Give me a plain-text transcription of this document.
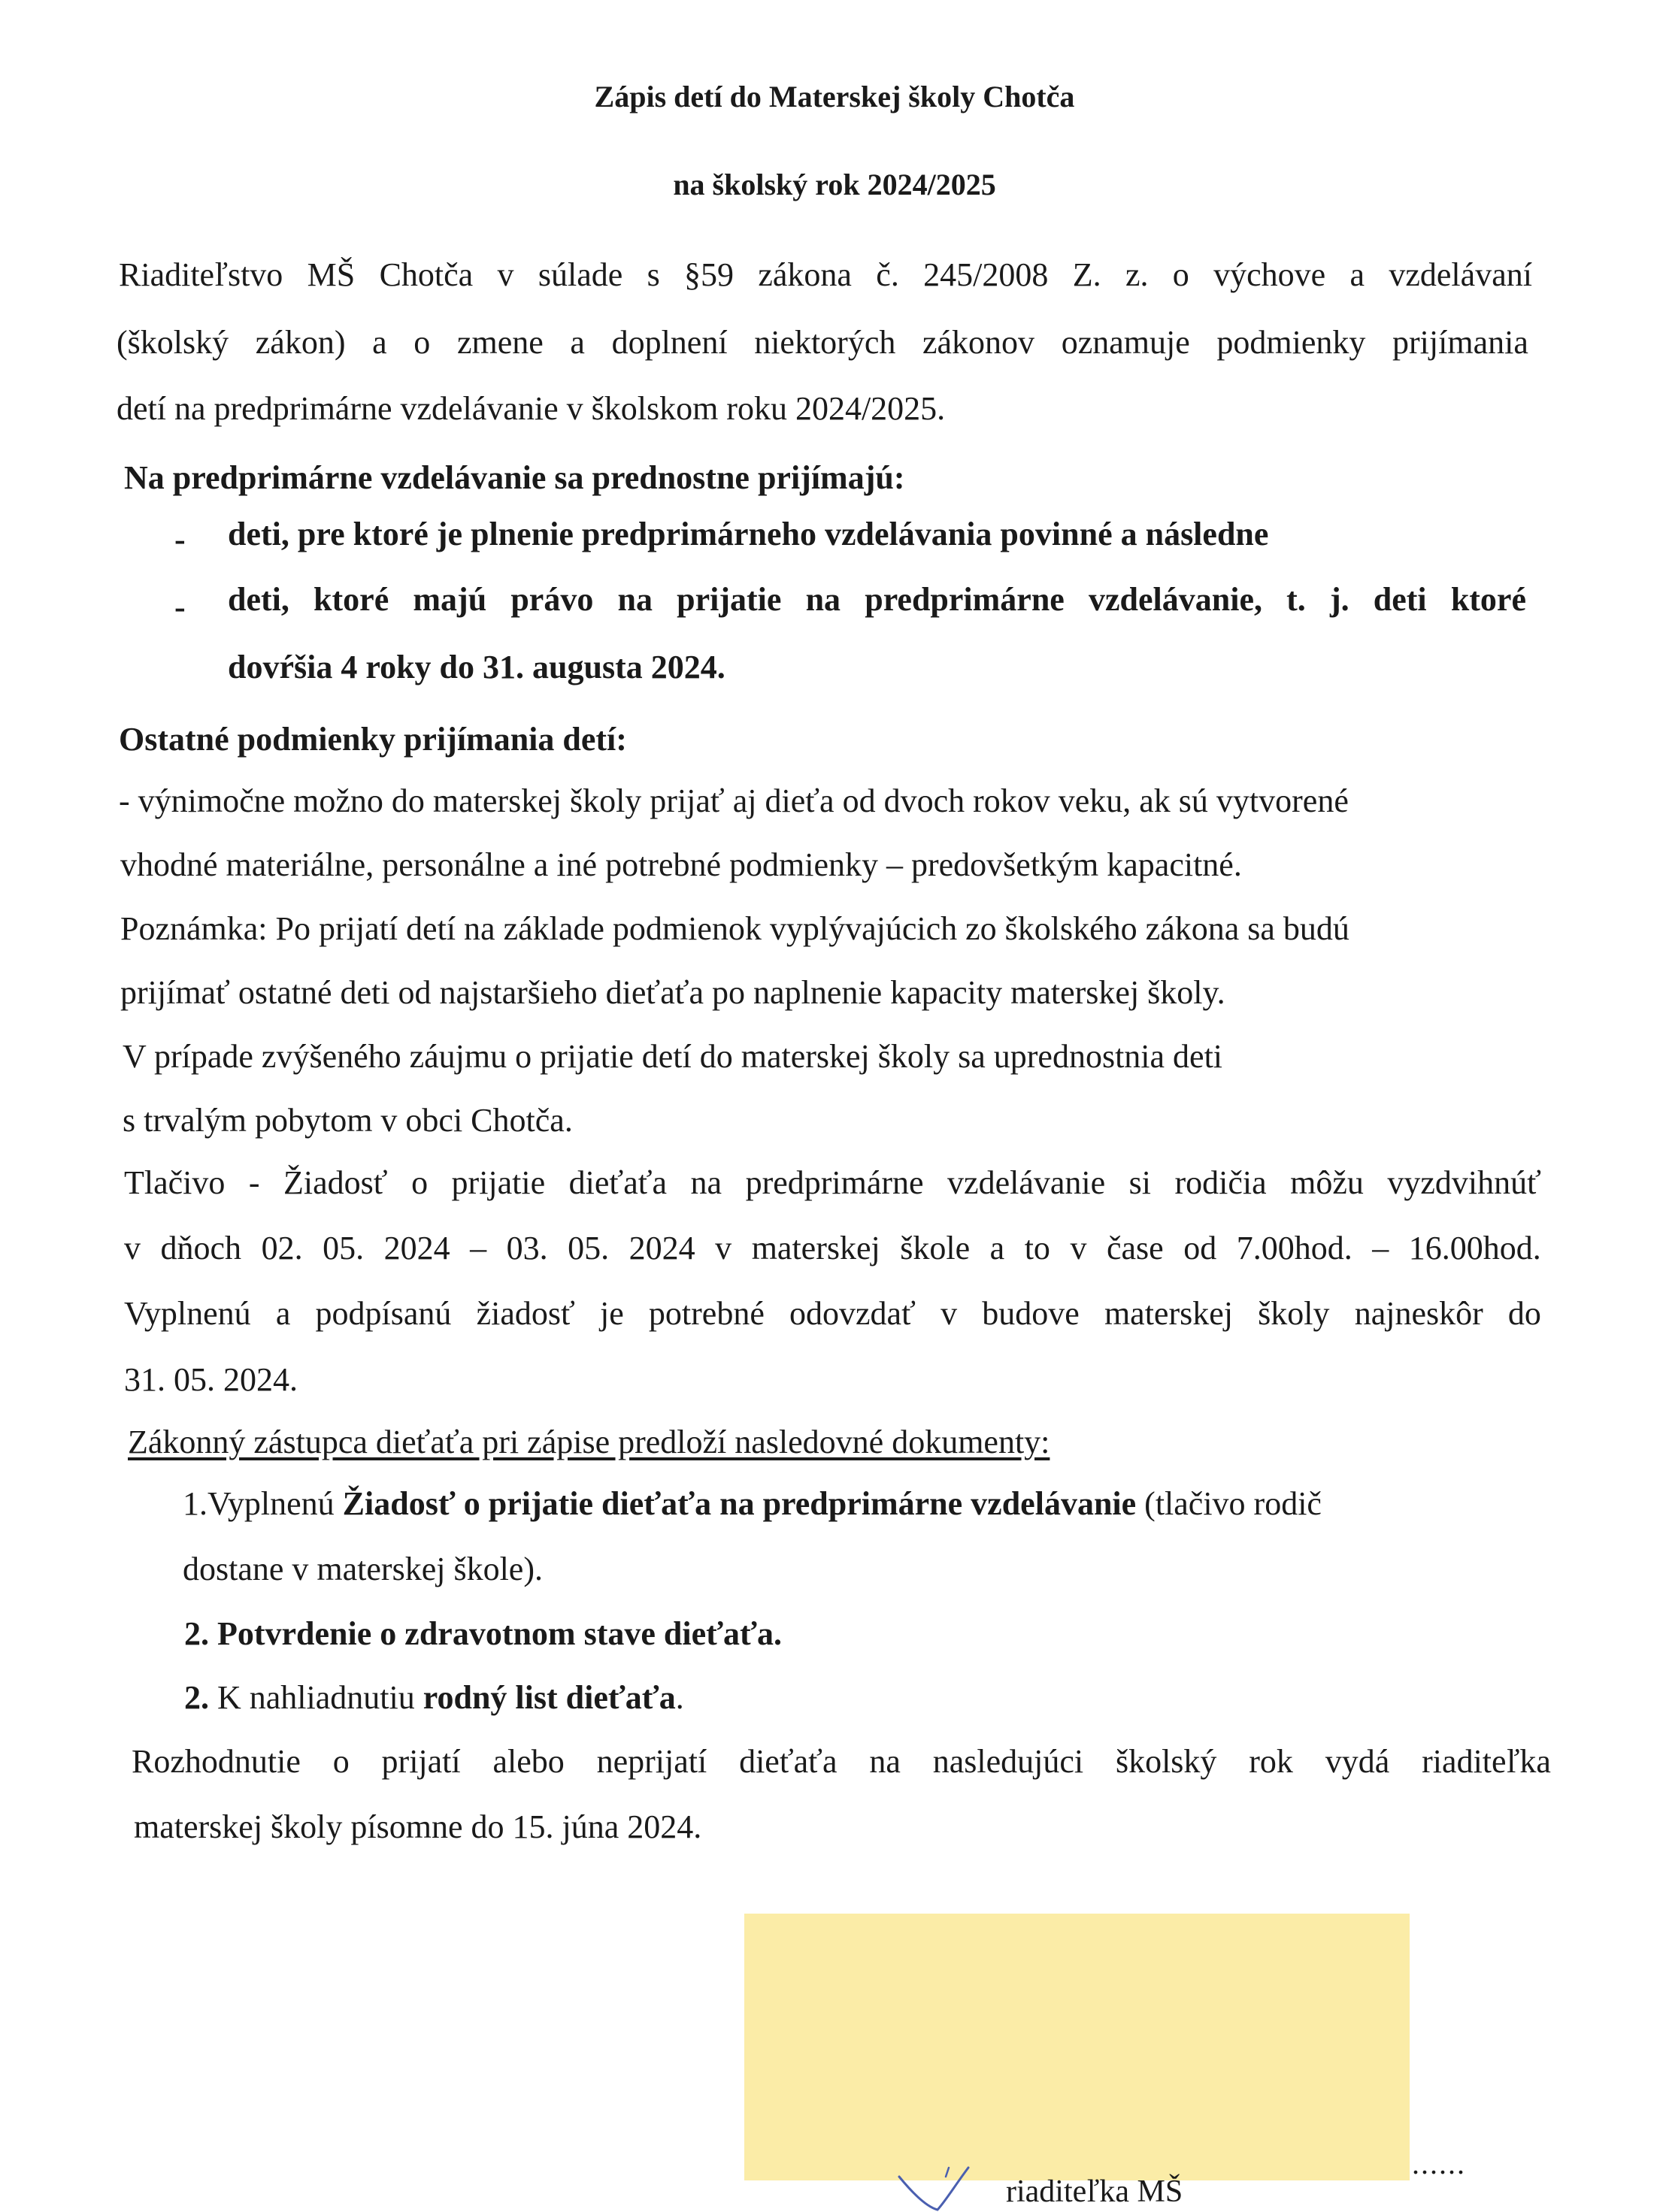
Zápis detí do Materskej školy Chotča
na školský rok 2024/2025
Riaditeľstvo MŠ Chotča v súlade s §59 zákona č. 245/2008 Z. z. o výchove a vzdelávaní
(školský zákon) a o zmene a doplnení niektorých zákonov oznamuje podmienky prijímania
detí na predprimárne vzdelávanie v školskom roku 2024/2025.
Na predprimárne vzdelávanie sa prednostne prijímajú:
- deti, pre ktoré je plnenie predprimárneho vzdelávania povinné a následne
- deti, ktoré majú právo na prijatie na predprimárne vzdelávanie, t. j. deti ktoré
dovŕšia 4 roky do 31. augusta 2024.
Ostatné podmienky prijímania detí:
- výnimočne možno do materskej školy prijať aj dieťa od dvoch rokov veku, ak sú vytvorené
vhodné materiálne, personálne a iné potrebné podmienky – predovšetkým kapacitné.
Poznámka: Po prijatí detí na základe podmienok vyplývajúcich zo školského zákona sa budú
prijímať ostatné deti od najstaršieho dieťaťa po naplnenie kapacity materskej školy.
V prípade zvýšeného záujmu o prijatie detí do materskej školy sa uprednostnia deti
s trvalým pobytom v obci Chotča.
Tlačivo - Žiadosť o prijatie dieťaťa na predprimárne vzdelávanie si rodičia môžu vyzdvihnúť
v dňoch 02. 05. 2024 – 03. 05. 2024 v materskej škole a to v čase od 7.00hod. – 16.00hod.
Vyplnenú a podpísanú žiadosť je potrebné odovzdať v budove materskej školy najneskôr do
31. 05. 2024.
Zákonný zástupca dieťaťa pri zápise predloží nasledovné dokumenty:
1.Vyplnenú Žiadosť o prijatie dieťaťa na predprimárne vzdelávanie (tlačivo rodič
dostane v materskej škole).
2. Potvrdenie o zdravotnom stave dieťaťa.
2. K nahliadnutiu rodný list dieťaťa.
Rozhodnutie o prijatí alebo neprijatí dieťaťa na nasledujúci školský rok vydá riaditeľka
materskej školy písomne do 15. júna 2024.
......
riaditeľka MŠ
